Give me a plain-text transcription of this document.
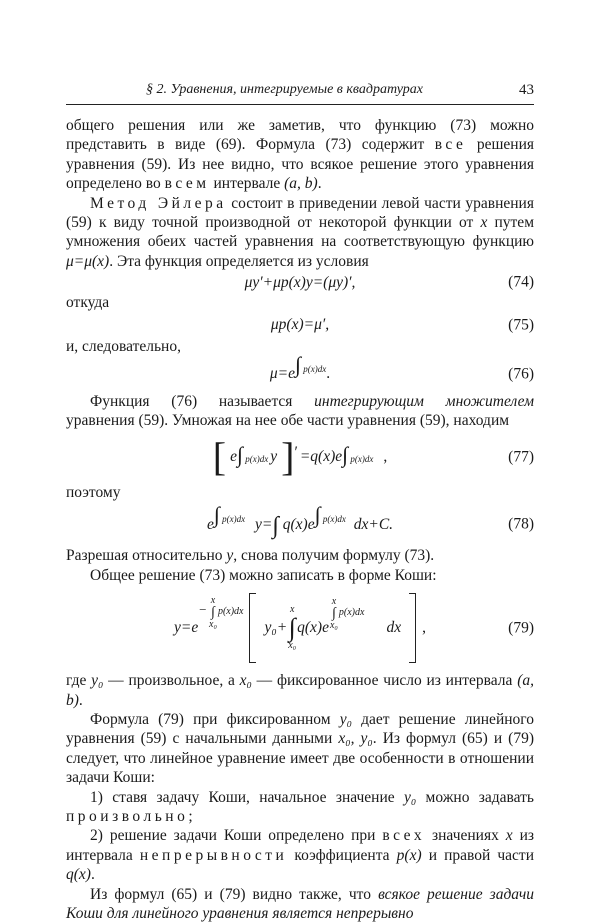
§ 2. Уравнения, интегрируемые в квадратурах	43

общего решения или же заметив, что функцию (73) можно представить в виде (69). Формула (73) содержит все решения уравнения (59). Из нее видно, что всякое решение этого уравнения определено во всем интервале (a, b).

Метод Эйлера состоит в приведении левой части уравнения (59) к виду точной производной от некоторой функции от x путем умножения обеих частей уравнения на соответствующую функцию μ=μ(x). Эта функция определяется из условия

μy′+μp(x)y=(μy)′,	(74)

откуда

μp(x)=μ′,	(75)

и, следовательно,

$\mu=e^{\int p(x)dx}$.	(76)

Функция (76) называется интегрирующим множителем уравнения (59). Умножая на нее обе части уравнения (59), находим

[ e ∫ p(x)dx y ] ′ =q(x)e ∫ p(x)dx ,	(77)

поэтому

$e^{\int p(x)dx}$ y=∫ $q(x)e^{\int p(x)dx}$ dx+C.	(78)

Разрешая относительно y, снова получим формулу (73).

Общее решение (73) можно записать в форме Коши:

y=e
−
x
∫
x₀
p(x)dx
y₀+
x
∫
x₀
q(x)e
x
∫
x₀
p(x)dx
dx ,	(79)

где y₀ — произвольное, а x₀ — фиксированное число из интервала (a, b).

Формула (79) при фиксированном y₀ дает решение линейного уравнения (59) с начальными данными x₀, y₀. Из формул (65) и (79) следует, что линейное уравнение имеет две особенности в отношении задачи Коши:

1) ставя задачу Коши, начальное значение y₀ можно задавать произвольно;

2) решение задачи Коши определено при всех значениях x из интервала непрерывности коэффициента p(x) и правой части q(x).

Из формул (65) и (79) видно также, что всякое решение задачи Коши для линейного уравнения является непрерывно
